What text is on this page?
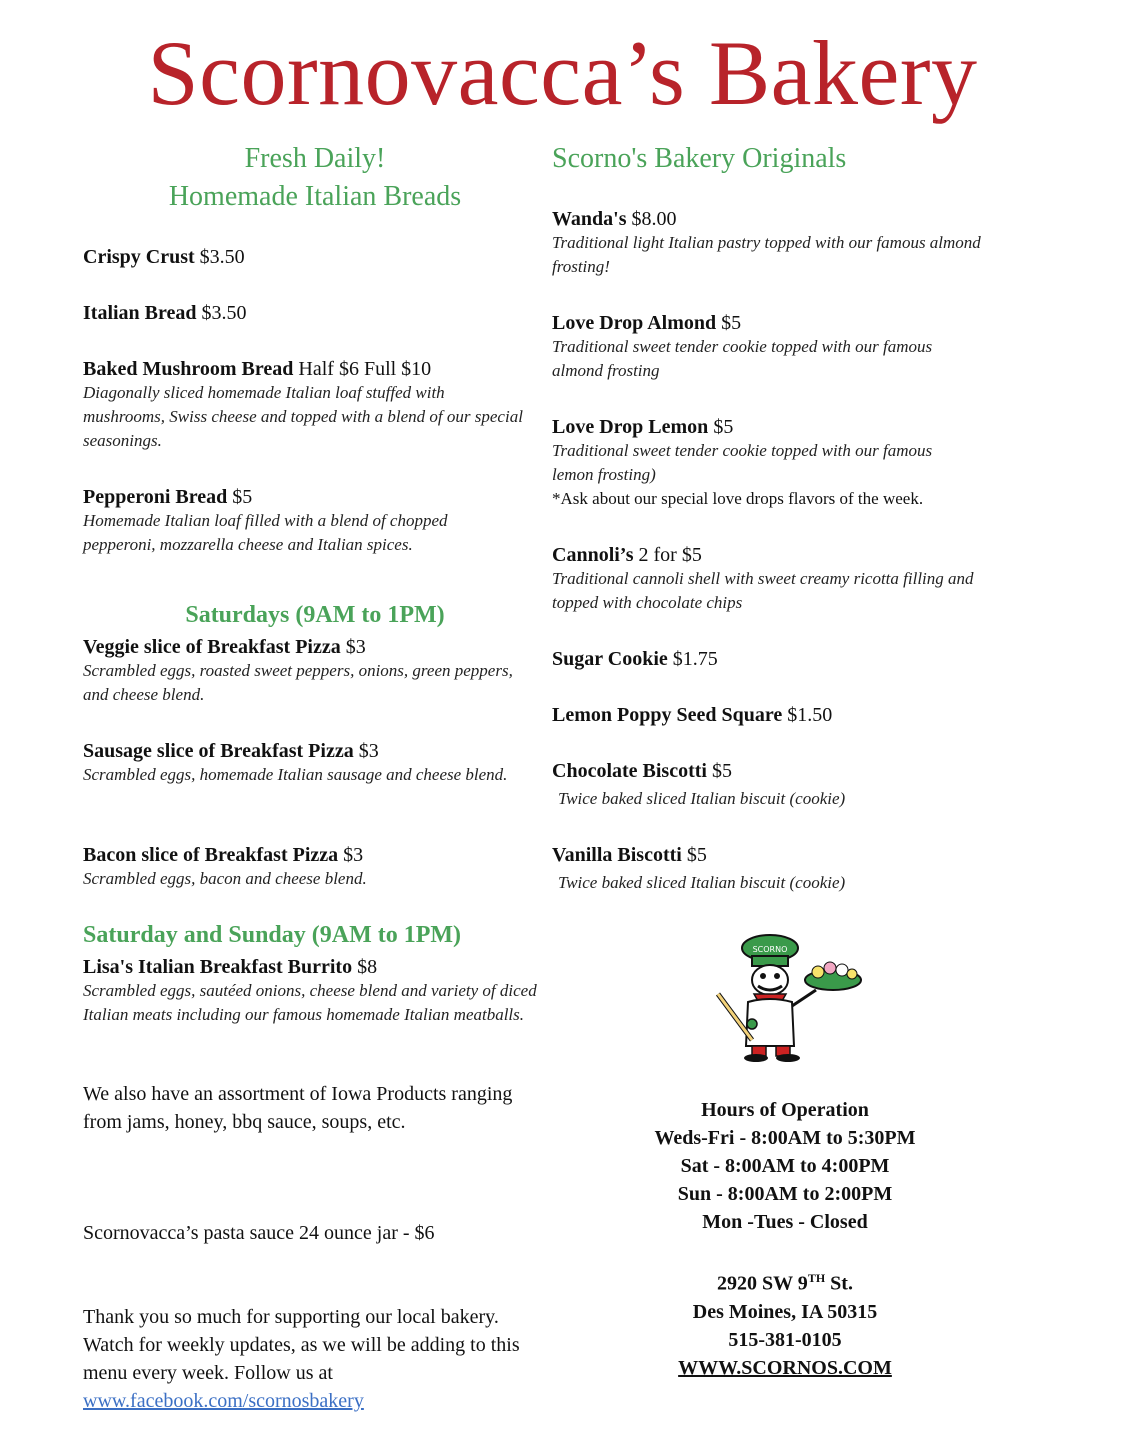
Scornovacca’s Bakery
Fresh Daily!
Homemade Italian Breads
Crispy Crust $3.50
Italian Bread $3.50
Baked Mushroom Bread Half $6 Full $10
Diagonally sliced homemade Italian loaf stuffed with mushrooms, Swiss cheese and topped with a blend of our special seasonings.
Pepperoni Bread $5
Homemade Italian loaf filled with a blend of chopped pepperoni, mozzarella cheese and Italian spices.
Saturdays (9AM to 1PM)
Veggie slice of Breakfast Pizza $3
Scrambled eggs, roasted sweet peppers, onions, green peppers, and cheese blend.
Sausage slice of Breakfast Pizza $3
Scrambled eggs, homemade Italian sausage and cheese blend.
Bacon slice of Breakfast Pizza $3
Scrambled eggs, bacon and cheese blend.
Saturday and Sunday (9AM to 1PM)
Lisa's Italian Breakfast Burrito $8
Scrambled eggs, sautéed onions, cheese blend and variety of diced Italian meats including our famous homemade Italian meatballs.
We also have an assortment of Iowa Products ranging from jams, honey, bbq sauce, soups, etc.
Scornovacca’s pasta sauce 24 ounce jar - $6
Thank you so much for supporting our local bakery. Watch for weekly updates, as we will be adding to this menu every week. Follow us at
www.facebook.com/scornosbakery
Scorno's Bakery Originals
Wanda's $8.00
Traditional light Italian pastry topped with our famous almond frosting!
Love Drop Almond $5
Traditional sweet tender cookie topped with our famous almond frosting
Love Drop Lemon $5
Traditional sweet tender cookie topped with our famous lemon frosting)
*Ask about our special love drops flavors of the week.
Cannoli’s 2 for $5
Traditional cannoli shell with sweet creamy ricotta filling and topped with chocolate chips
Sugar Cookie $1.75
Lemon Poppy Seed Square $1.50
Chocolate Biscotti $5
Twice baked sliced Italian biscuit (cookie)
Vanilla Biscotti $5
Twice baked sliced Italian biscuit (cookie)
SCORNO
Hours of Operation
Weds-Fri - 8:00AM to 5:30PM
Sat - 8:00AM to 4:00PM
Sun - 8:00AM to 2:00PM
Mon -Tues - Closed
2920 SW 9TH St.
Des Moines, IA 50315
515-381-0105
WWW.SCORNOS.COM
